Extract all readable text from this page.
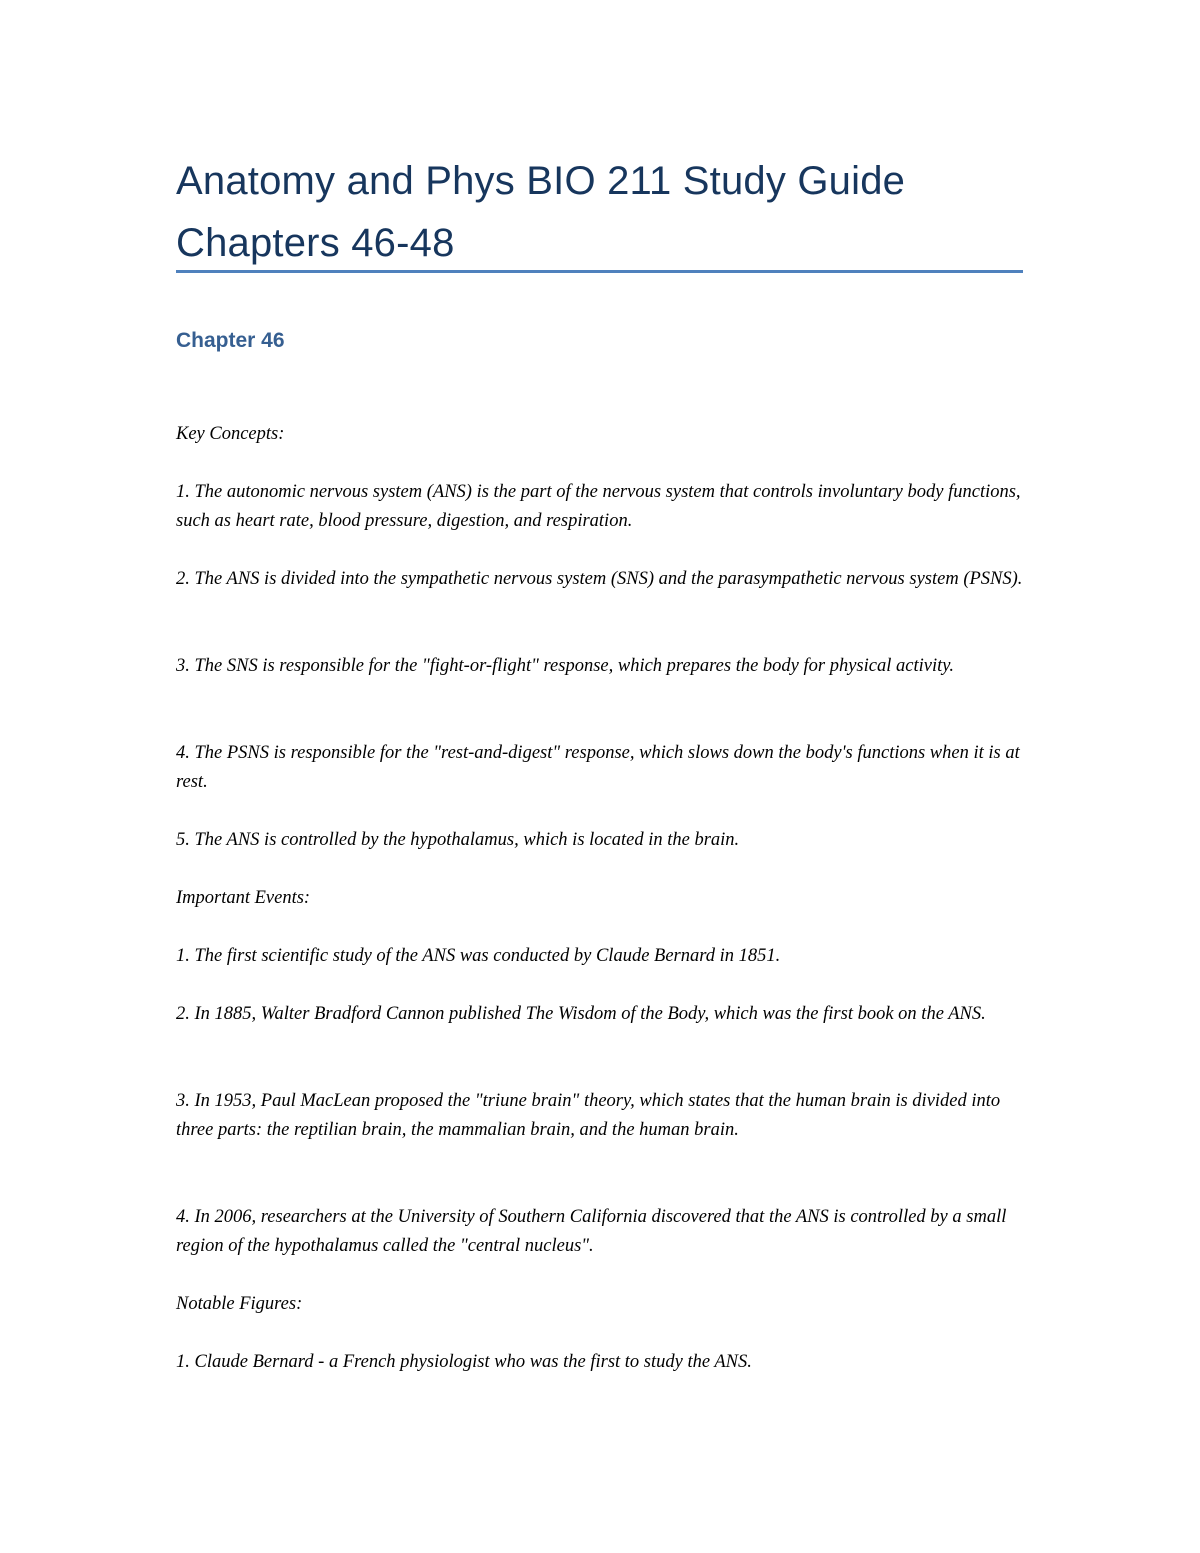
Anatomy and Phys BIO 211 Study Guide
Chapters 46-48
Chapter 46

Key Concepts:

1. The autonomic nervous system (ANS) is the part of the nervous system that controls involuntary body functions, such as heart rate, blood pressure, digestion, and respiration.

2. The ANS is divided into the sympathetic nervous system (SNS) and the parasympathetic nervous system (PSNS).

3. The SNS is responsible for the "fight-or-flight" response, which prepares the body for physical activity.

4. The PSNS is responsible for the "rest-and-digest" response, which slows down the body's functions when it is at rest.

5. The ANS is controlled by the hypothalamus, which is located in the brain.

Important Events:

1. The first scientific study of the ANS was conducted by Claude Bernard in 1851.

2. In 1885, Walter Bradford Cannon published The Wisdom of the Body, which was the first book on the ANS.

3. In 1953, Paul MacLean proposed the "triune brain" theory, which states that the human brain is divided into three parts: the reptilian brain, the mammalian brain, and the human brain.

4. In 2006, researchers at the University of Southern California discovered that the ANS is controlled by a small region of the hypothalamus called the "central nucleus".

Notable Figures:

1. Claude Bernard - a French physiologist who was the first to study the ANS.
